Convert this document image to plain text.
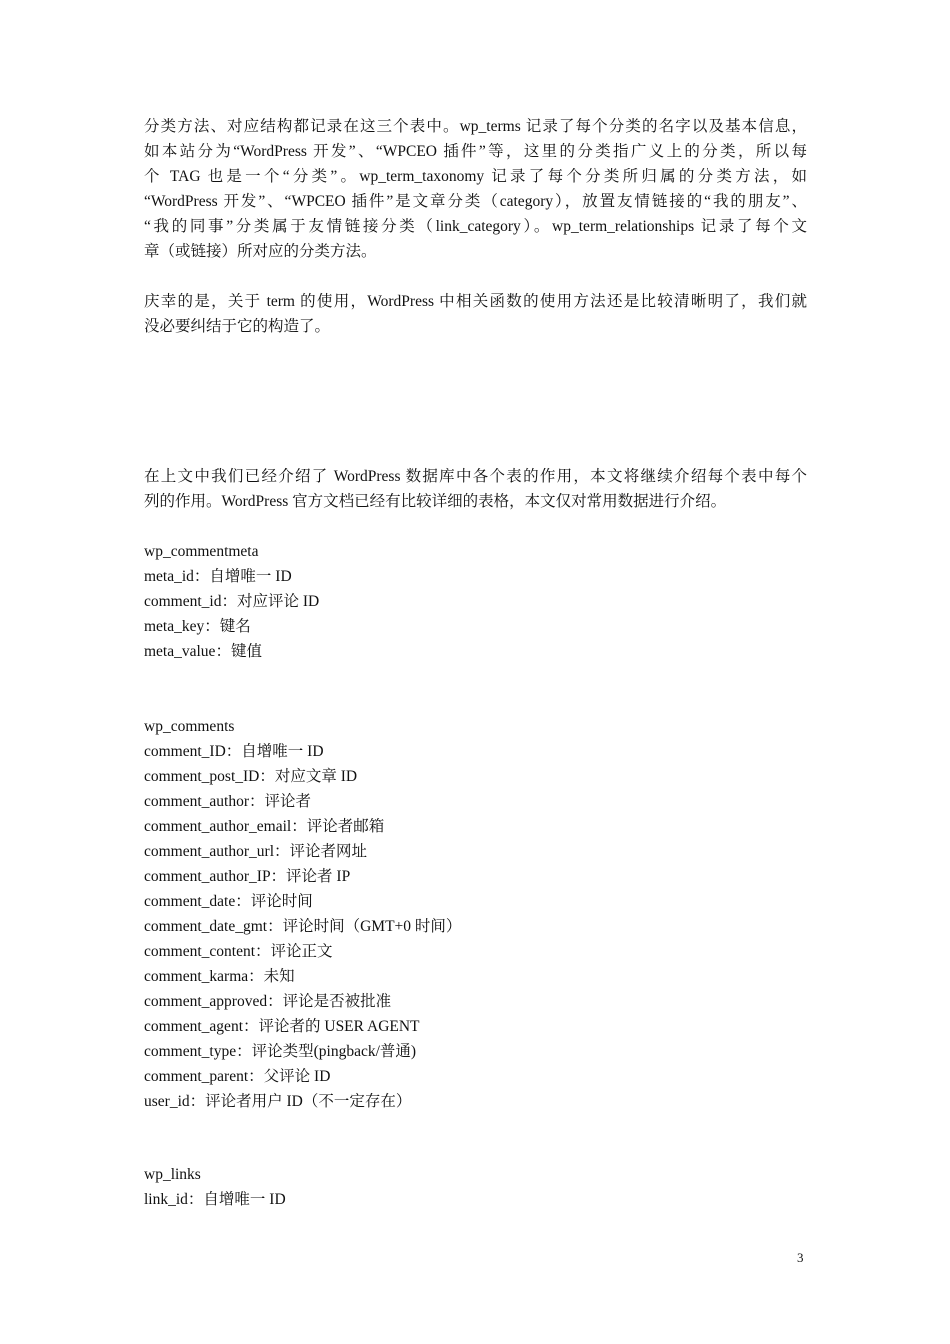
分类方法、对应结构都记录在这三个表中。wp_terms 记录了每个分类的名字以及基本信息，
如本站分为“WordPress 开发”、“WPCEO 插件”等，这里的分类指广义上的分类，所以每
个 TAG 也是一个“分类”。wp_term_taxonomy 记录了每个分类所归属的分类方法，如
“WordPress 开发”、“WPCEO 插件”是文章分类（category），放置友情链接的“我的朋友”、
“我的同事”分类属于友情链接分类（link_category）。wp_term_relationships 记录了每个文
章（或链接）所对应的分类方法。

庆幸的是，关于 term 的使用，WordPress 中相关函数的使用方法还是比较清晰明了，我们就
没必要纠结于它的构造了。

在上文中我们已经介绍了 WordPress 数据库中各个表的作用，本文将继续介绍每个表中每个
列的作用。WordPress 官方文档已经有比较详细的表格，本文仅对常用数据进行介绍。

wp_commentmeta
meta_id：自增唯一 ID
comment_id：对应评论 ID
meta_key：键名
meta_value：键值
wp_comments
comment_ID：自增唯一 ID
comment_post_ID：对应文章 ID
comment_author：评论者
comment_author_email：评论者邮箱
comment_author_url：评论者网址
comment_author_IP：评论者 IP
comment_date：评论时间
comment_date_gmt：评论时间（GMT+0 时间）
comment_content：评论正文
comment_karma：未知
comment_approved：评论是否被批准
comment_agent：评论者的 USER AGENT
comment_type：评论类型(pingback/普通)
comment_parent：父评论 ID
user_id：评论者用户 ID（不一定存在）
wp_links
link_id：自增唯一 ID
3
